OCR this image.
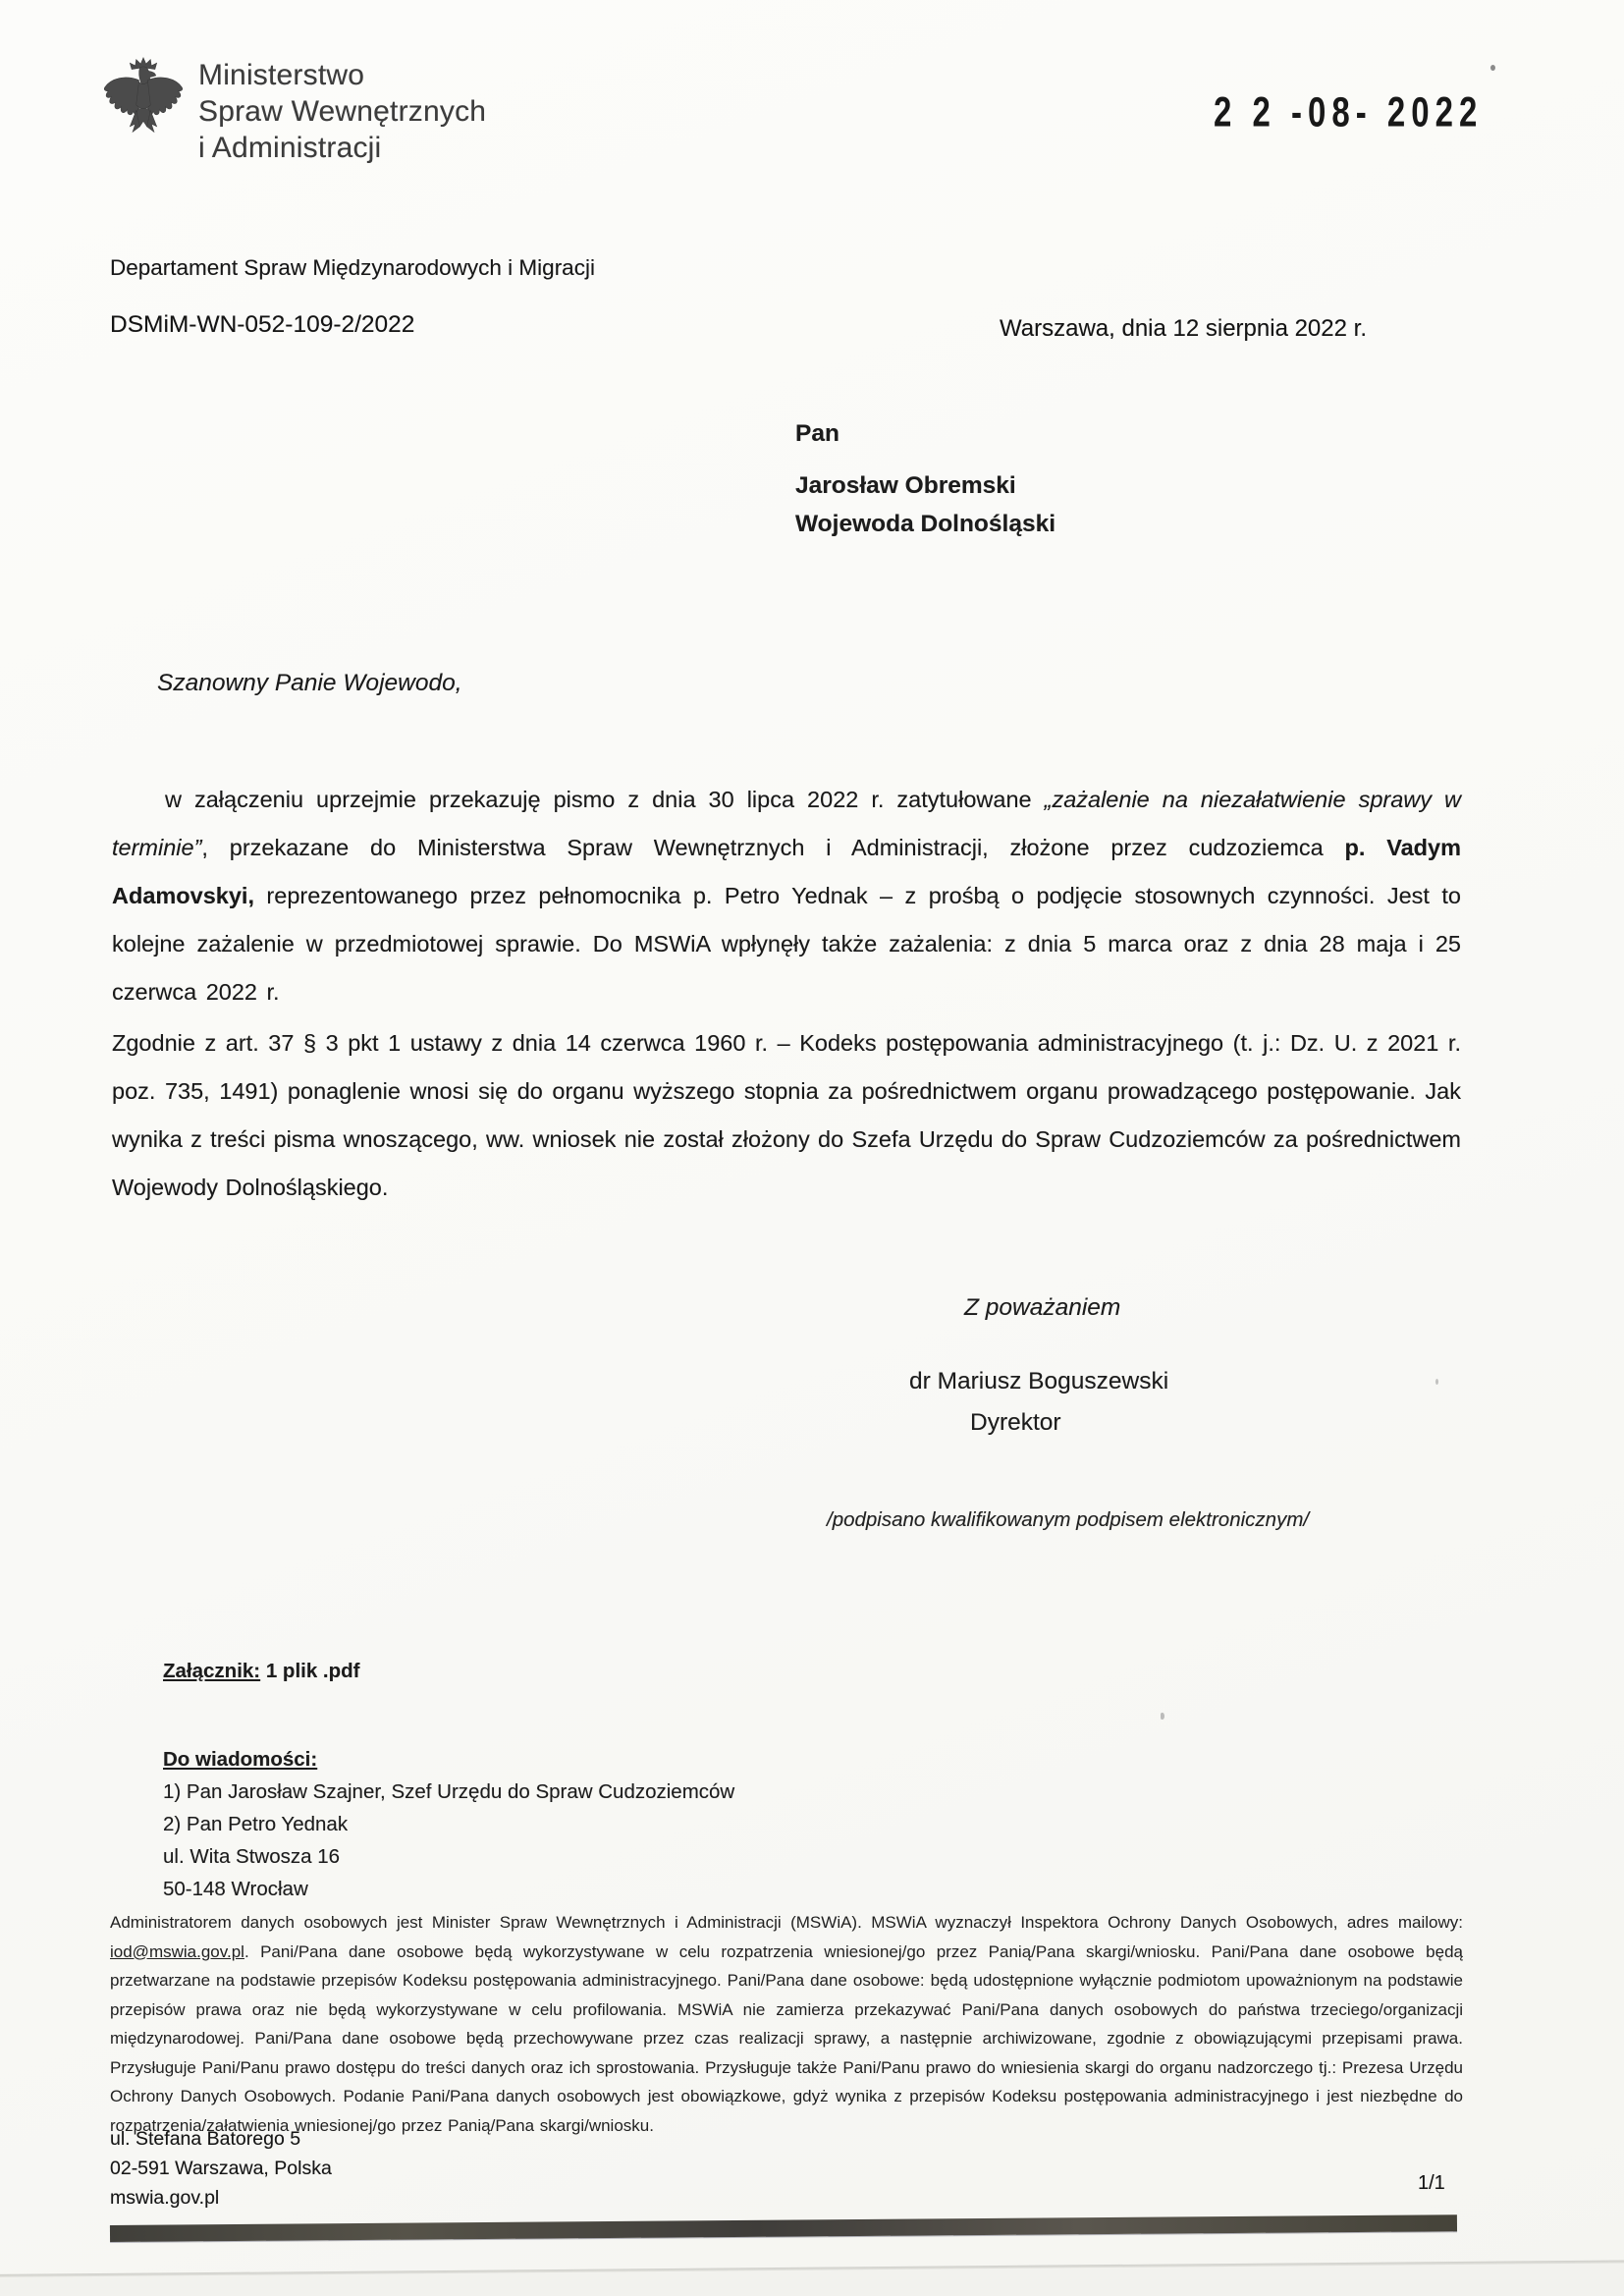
Ministerstwo
Spraw Wewnętrznych
i Administracji
2 2 -08- 2022
Departament Spraw Międzynarodowych i Migracji
DSMiM-WN-052-109-2/2022	Warszawa, dnia 12 sierpnia 2022 r.
Pan
Jarosław Obremski
Wojewoda Dolnośląski
Szanowny Panie Wojewodo,

w załączeniu uprzejmie przekazuję pismo z dnia 30 lipca 2022 r. zatytułowane „zażalenie na niezałatwienie sprawy w terminie”, przekazane do Ministerstwa Spraw Wewnętrznych i Administracji, złożone przez cudzoziemca p. Vadym Adamovskyi, reprezentowanego przez pełnomocnika p. Petro Yednak – z prośbą o podjęcie stosownych czynności. Jest to kolejne zażalenie w przedmiotowej sprawie. Do MSWiA wpłynęły także zażalenia: z dnia 5 marca oraz z dnia 28 maja i 25 czerwca 2022 r.

Zgodnie z art. 37 § 3 pkt 1 ustawy z dnia 14 czerwca 1960 r. – Kodeks postępowania administracyjnego (t. j.: Dz. U. z 2021 r. poz. 735, 1491) ponaglenie wnosi się do organu wyższego stopnia za pośrednictwem organu prowadzącego postępowanie. Jak wynika z treści pisma wnoszącego, ww. wniosek nie został złożony do Szefa Urzędu do Spraw Cudzoziemców za pośrednictwem Wojewody Dolnośląskiego.

Z poważaniem
dr Mariusz Boguszewski
Dyrektor
/podpisano kwalifikowanym podpisem elektronicznym/
Załącznik: 1 plik .pdf
Do wiadomości:
1) Pan Jarosław Szajner, Szef Urzędu do Spraw Cudzoziemców
2) Pan Petro Yednak
ul. Wita Stwosza 16
50-148 Wrocław

Administratorem danych osobowych jest Minister Spraw Wewnętrznych i Administracji (MSWiA). MSWiA wyznaczył Inspektora Ochrony Danych Osobowych, adres mailowy: iod@mswia.gov.pl. Pani/Pana dane osobowe będą wykorzystywane w celu rozpatrzenia wniesionej/go przez Panią/Pana skargi/wniosku. Pani/Pana dane osobowe będą przetwarzane na podstawie przepisów Kodeksu postępowania administracyjnego. Pani/Pana dane osobowe: będą udostępnione wyłącznie podmiotom upoważnionym na podstawie przepisów prawa oraz nie będą wykorzystywane w celu profilowania. MSWiA nie zamierza przekazywać Pani/Pana danych osobowych do państwa trzeciego/organizacji międzynarodowej. Pani/Pana dane osobowe będą przechowywane przez czas realizacji sprawy, a następnie archiwizowane, zgodnie z obowiązującymi przepisami prawa. Przysługuje Pani/Panu prawo dostępu do treści danych oraz ich sprostowania. Przysługuje także Pani/Panu prawo do wniesienia skargi do organu nadzorczego tj.: Prezesa Urzędu Ochrony Danych Osobowych. Podanie Pani/Pana danych osobowych jest obowiązkowe, gdyż wynika z przepisów Kodeksu postępowania administracyjnego i jest niezbędne do rozpatrzenia/załatwienia wniesionej/go przez Panią/Pana skargi/wniosku.

ul. Stefana Batorego 5
02-591 Warszawa, Polska
mswia.gov.pl
1/1
